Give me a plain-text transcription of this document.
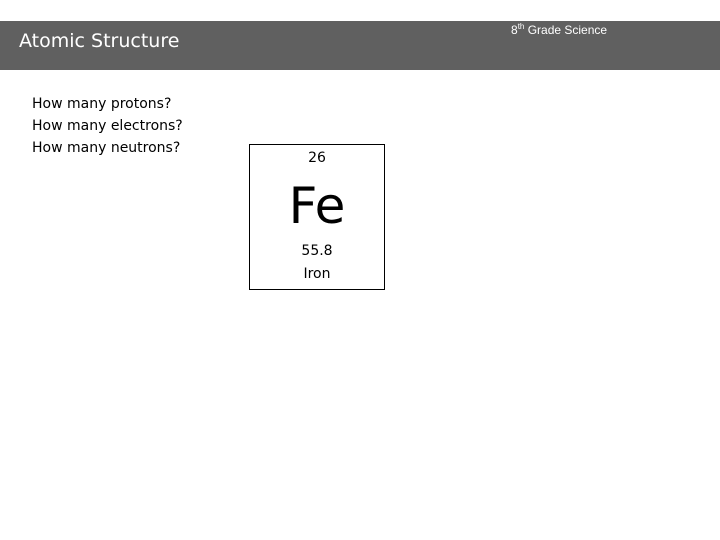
Atomic Structure	8th Grade Science
How many protons?
How many electrons?
How many neutrons?
26
Fe
55.8
Iron
